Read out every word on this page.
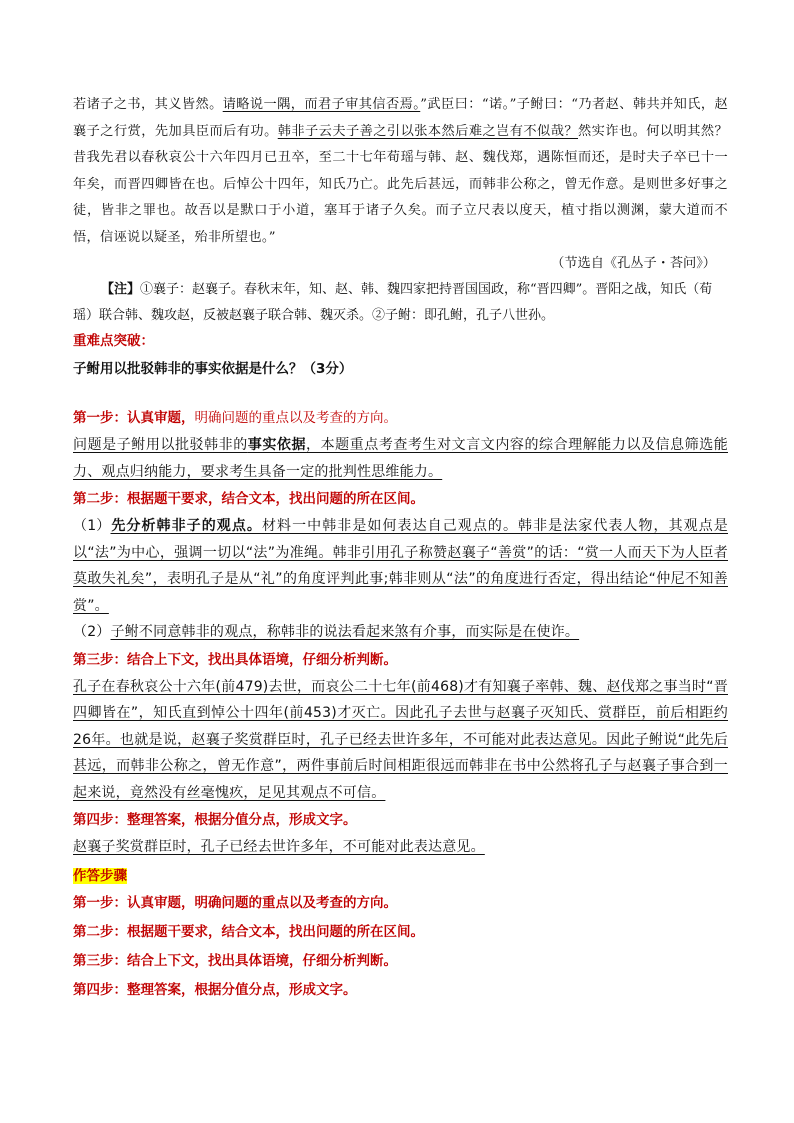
若诸子之书，其义皆然。请略说一隅，而君子审其信否焉。”武臣曰：“诺。”子鲋曰：“乃者赵、韩共并知氏，赵襄子之行赏，先加具臣而后有功。韩非子云夫子善之引以张本然后难之岂有不似哉？然实诈也。何以明其然？昔我先君以春秋哀公十六年四月已丑卒，至二十七年荀瑶与韩、赵、魏伐郑，遇陈恒而还，是时夫子卒已十一年矣，而晋四卿皆在也。后悼公十四年，知氏乃亡。此先后甚远，而韩非公称之，曾无作意。是则世多好事之徒，皆非之罪也。故吾以是默口于小道，塞耳于诸子久矣。而子立尺表以度天，植寸指以测渊，蒙大道而不悟，信诬说以疑圣，殆非所望也。”

（节选自《孔丛子・荅问》）

【注】①襄子：赵襄子。春秋末年，知、赵、韩、魏四家把持晋国国政，称“晋四卿”。晋阳之战，知氏（荀瑶）联合韩、魏攻赵，反被赵襄子联合韩、魏灭杀。②子鲋：即孔鲋，孔子八世孙。

重难点突破：

子鲋用以批驳韩非的事实依据是什么？（3分）

第一步：认真审题，明确问题的重点以及考查的方向。

问题是子鲋用以批驳韩非的事实依据，本题重点考查考生对文言文内容的综合理解能力以及信息筛选能力、观点归纳能力，要求考生具备一定的批判性思维能力。

第二步：根据题干要求，结合文本，找出问题的所在区间。

（1）先分析韩非子的观点。材料一中韩非是如何表达自己观点的。韩非是法家代表人物，其观点是以“法”为中心，强调一切以“法”为准绳。韩非引用孔子称赞赵襄子“善赏”的话：“赏一人而天下为人臣者莫敢失礼矣”，表明孔子是从“礼”的角度评判此事;韩非则从“法”的角度进行否定，得出结论“仲尼不知善赏”。

（2）子鲋不同意韩非的观点，称韩非的说法看起来煞有介事，而实际是在使诈。

第三步：结合上下文，找出具体语境，仔细分析判断。

孔子在春秋哀公十六年(前479)去世，而哀公二十七年(前468)才有知襄子率韩、魏、赵伐郑之事当时“晋四卿皆在”，知氏直到悼公十四年(前453)才灭亡。因此孔子去世与赵襄子灭知氏、赏群臣，前后相距约26年。也就是说，赵襄子奖赏群臣时，孔子已经去世许多年，不可能对此表达意见。因此子鲋说“此先后甚远，而韩非公称之，曾无作意”，两件事前后时间相距很远而韩非在书中公然将孔子与赵襄子事合到一起来说，竟然没有丝毫愧疚，足见其观点不可信。

第四步：整理答案，根据分值分点，形成文字。

赵襄子奖赏群臣时，孔子已经去世许多年，不可能对此表达意见。

作答步骤

第一步：认真审题，明确问题的重点以及考查的方向。

第二步：根据题干要求，结合文本，找出问题的所在区间。

第三步：结合上下文，找出具体语境，仔细分析判断。

第四步：整理答案，根据分值分点，形成文字。
